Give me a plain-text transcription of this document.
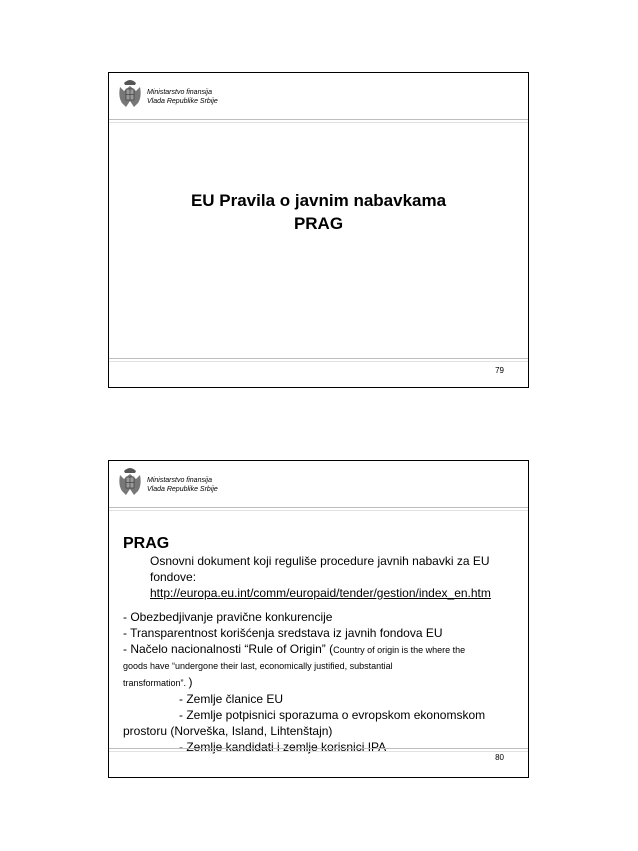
Ministarstvo finansija
Vlada Republike Srbije
EU Pravila o javnim nabavkama
PRAG
79
Ministarstvo finansija
Vlada Republike Srbije
PRAG
Osnovni dokument koji reguliše procedure javnih nabavki za EU
fondove:
http://europa.eu.int/comm/europaid/tender/gestion/index_en.htm
- Obezbedjivanje pravične konkurencije
- Transparentnost korišćenja sredstava iz javnih fondova EU
- Načelo nacionalnosti “Rule of Origin” (Country of origin is the where the
goods have “undergone their last, economically justified, substantial
transformation”. )
- Zemlje članice EU
- Zemlje potpisnici sporazuma o evropskom ekonomskom
prostoru (Norveška, Island, Lihtenštajn)
- Zemlje kandidati i zemlje korisnici IPA
80
